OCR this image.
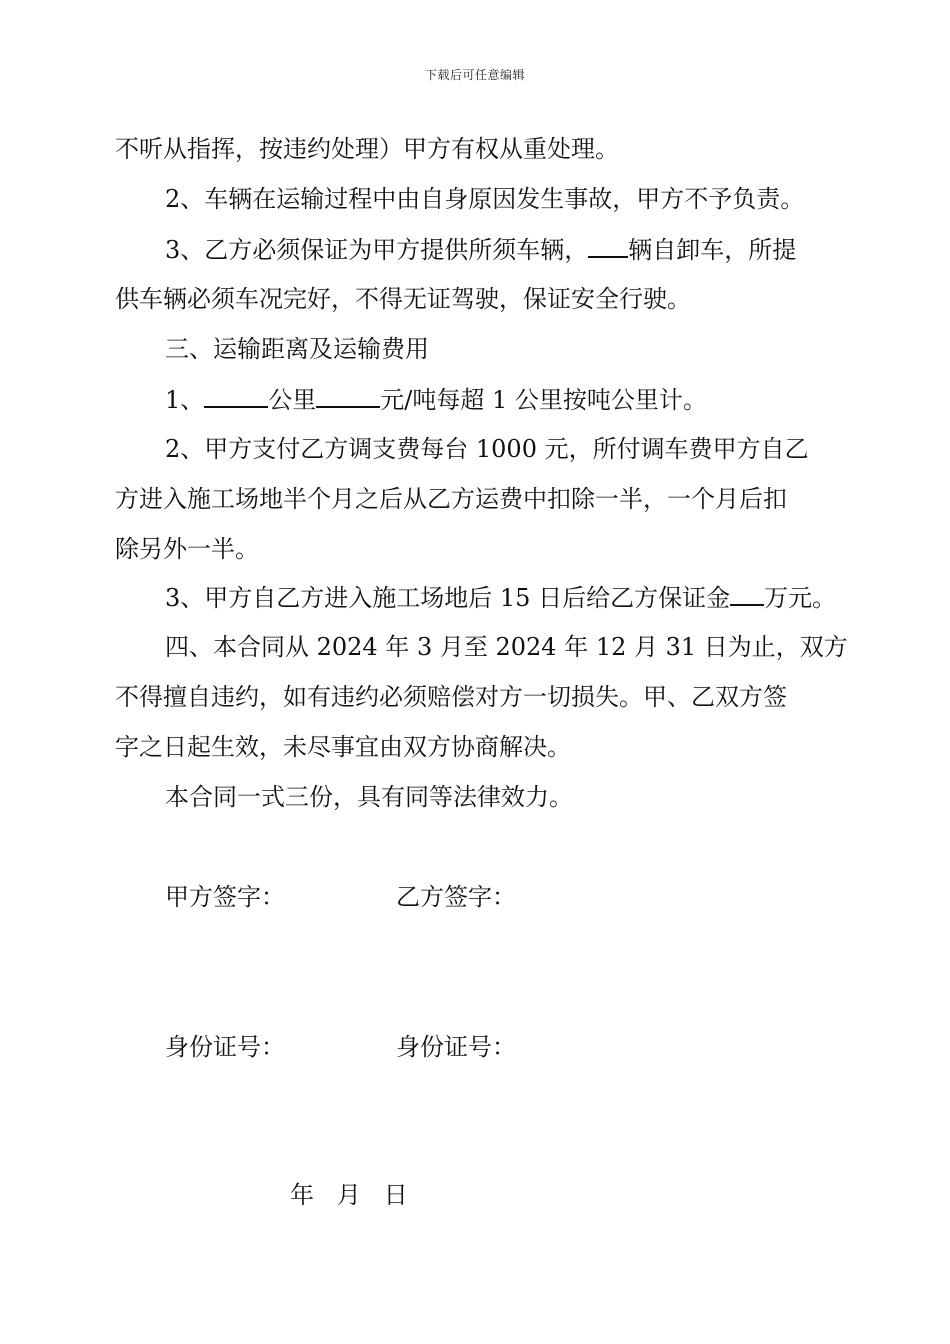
下载后可任意编辑
不听从指挥，按违约处理）甲方有权从重处理。
2、车辆在运输过程中由自身原因发生事故，甲方不予负责。
3、乙方必须保证为甲方提供所须车辆， 辆自卸车，所提
供车辆必须车况完好，不得无证驾驶，保证安全行驶。
三、运输距离及运输费用
1、	公里	元/吨每超 1 公里按吨公里计。
2、甲方支付乙方调支费每台 1000 元，所付调车费甲方自乙
方进入施工场地半个月之后从乙方运费中扣除一半，一个月后扣
除另外一半。
3、甲方自乙方进入施工场地后 15 日后给乙方保证金 万元。
四、本合同从 2024 年 3 月至 2024 年 12 月 31 日为止，双方
不得擅自违约，如有违约必须赔偿对方一切损失。甲、乙双方签
字之日起生效，未尽事宜由双方协商解决。
本合同一式三份，具有同等法律效力。
甲方签字：	乙方签字：
身份证号：	身份证号：
年   月   日
